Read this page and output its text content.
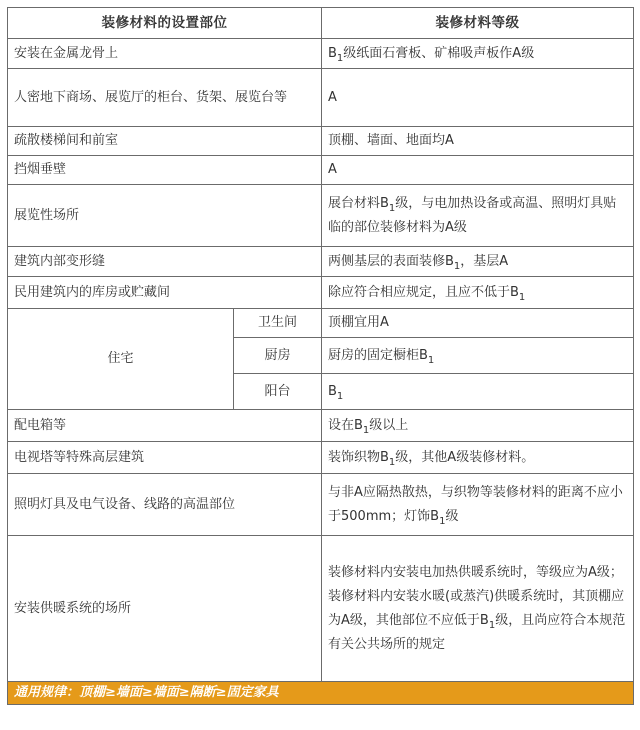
装修材料的设置部位		装修材料等级
安装在金属龙骨上		$B_1$级纸面石膏板、矿棉吸声板作A级
人密地下商场、展览厅的柜台、货架、展览台等		A
疏散楼梯间和前室		顶棚、墙面、地面均A
挡烟垂壁		A
展览性场所		展台材料$B_1$级，与电加热设备或高温、照明灯具贴临的部位装修材料为A级
建筑内部变形缝		两侧基层的表面装修$B_1$，基层A
民用建筑内的库房或贮藏间		除应符合相应规定，且应不低于$B_1$
住宅	卫生间	顶棚宜用A
	厨房	厨房的固定橱柜$B_1$
	阳台	$B_1$
配电箱等		设在$B_1$级以上
电视塔等特殊高层建筑		装饰织物$B_1$级，其他A级装修材料。
照明灯具及电气设备、线路的高温部位		与非A应隔热散热，与织物等装修材料的距离不应小于500mm；灯饰$B_1$级
安装供暖系统的场所		装修材料内安装电加热供暖系统时，等级应为A级；装修材料内安装水暖(或蒸汽)供暖系统时，其顶棚应为A级，其他部位不应低于$B_1$级，且尚应符合本规范有关公共场所的规定
通用规律：顶棚≥墙面≥墙面≥隔断≥固定家具		
